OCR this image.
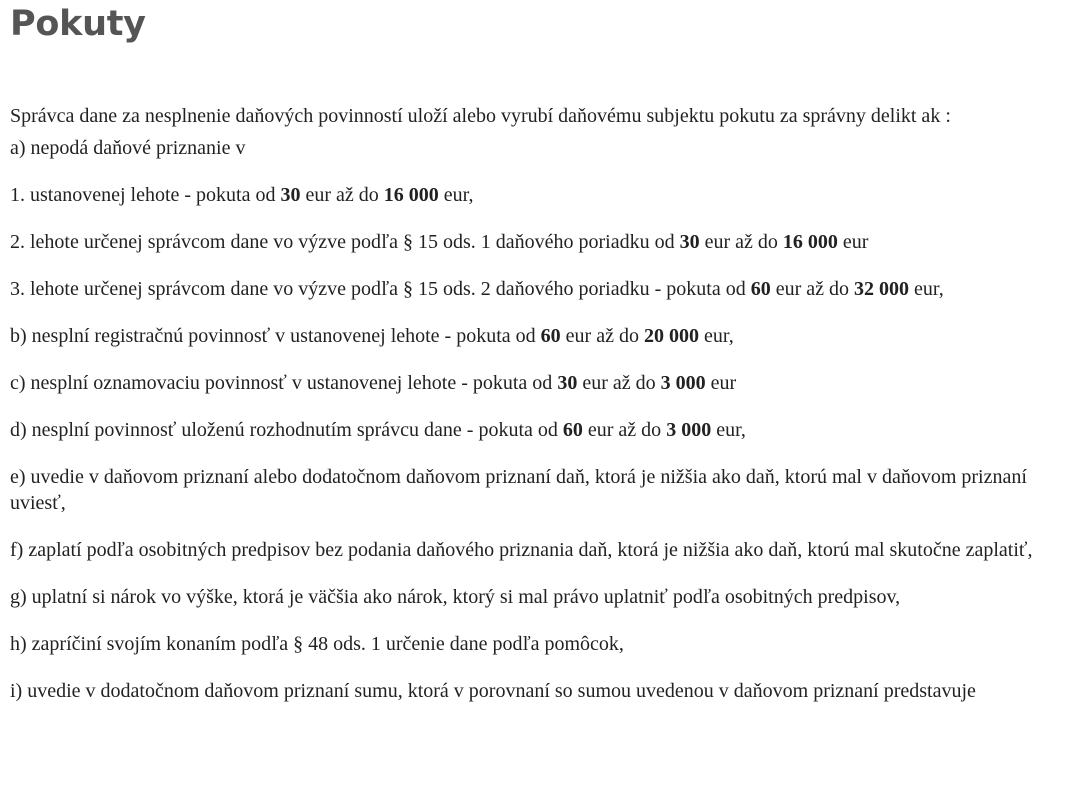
Pokuty

Správca dane za nesplnenie daňových povinností uloží alebo vyrubí daňovému subjektu pokutu za správny delikt ak :

a) nepodá daňové priznanie v

1. ustanovenej lehote - pokuta od 30 eur až do 16 000 eur,

2. lehote určenej správcom dane vo výzve podľa § 15 ods. 1 daňového poriadku od 30 eur až do 16 000 eur

3. lehote určenej správcom dane vo výzve podľa § 15 ods. 2 daňového poriadku - pokuta od 60 eur až do 32 000 eur,

b) nesplní registračnú povinnosť v ustanovenej lehote - pokuta od 60 eur až do 20 000 eur,

c) nesplní oznamovaciu povinnosť v ustanovenej lehote - pokuta od 30 eur až do 3 000 eur

d) nesplní povinnosť uloženú rozhodnutím správcu dane - pokuta od 60 eur až do 3 000 eur,

e) uvedie v daňovom priznaní alebo dodatočnom daňovom priznaní daň, ktorá je nižšia ako daň, ktorú mal v daňovom priznaní uviesť,

f) zaplatí podľa osobitných predpisov bez podania daňového priznania daň, ktorá je nižšia ako daň, ktorú mal skutočne zaplatiť,

g) uplatní si nárok vo výške, ktorá je väčšia ako nárok, ktorý si mal právo uplatniť podľa osobitných predpisov,

h) zapríčiní svojím konaním podľa § 48 ods. 1 určenie dane podľa pomôcok,

i) uvedie v dodatočnom daňovom priznaní sumu, ktorá v porovnaní so sumou uvedenou v daňovom priznaní predstavuje
